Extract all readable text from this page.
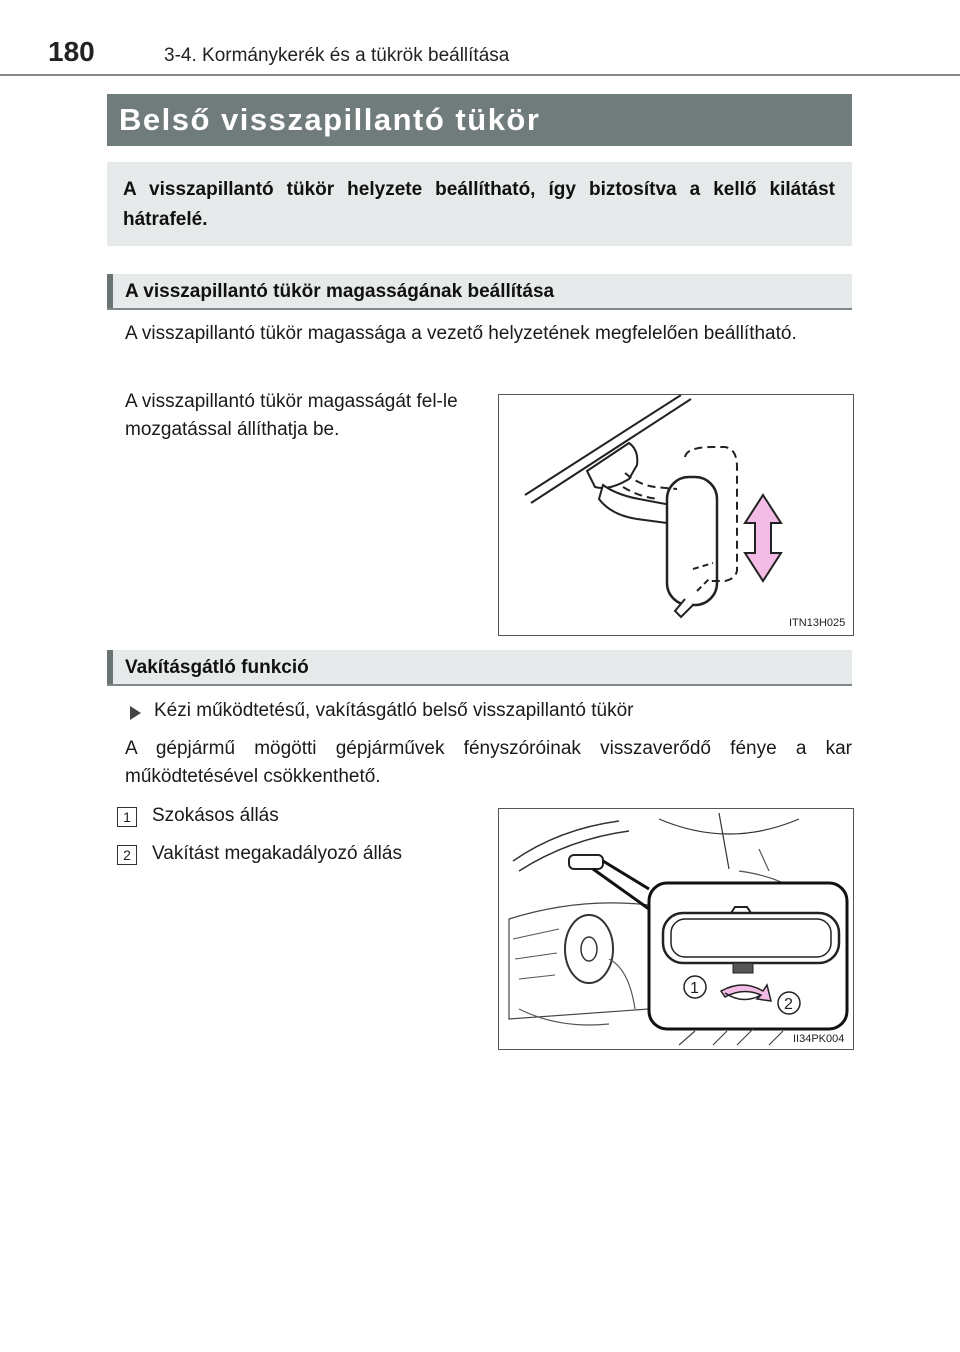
180	3-4. Kormánykerék és a tükrök beállítása
Belső visszapillantó tükör

A visszapillantó tükör helyzete beállítható, így biztosítva a kellő kilátást hátrafelé.

A visszapillantó tükör magasságának beállítása

A visszapillantó tükör magassága a vezető helyzetének megfelelően beállítható.

A visszapillantó tükör magasságát fel-le mozgatással állíthatja be.

ITN13H025
Vakításgátló funkció

Kézi működtetésű, vakításgátló belső visszapillantó tükör

A gépjármű mögötti gépjárművek fényszóróinak visszaverődő fénye a kar működtetésével csökkenthető.

1	Szokásos állás

2	Vakítást megakadályozó állás

1
2
II34PK004
